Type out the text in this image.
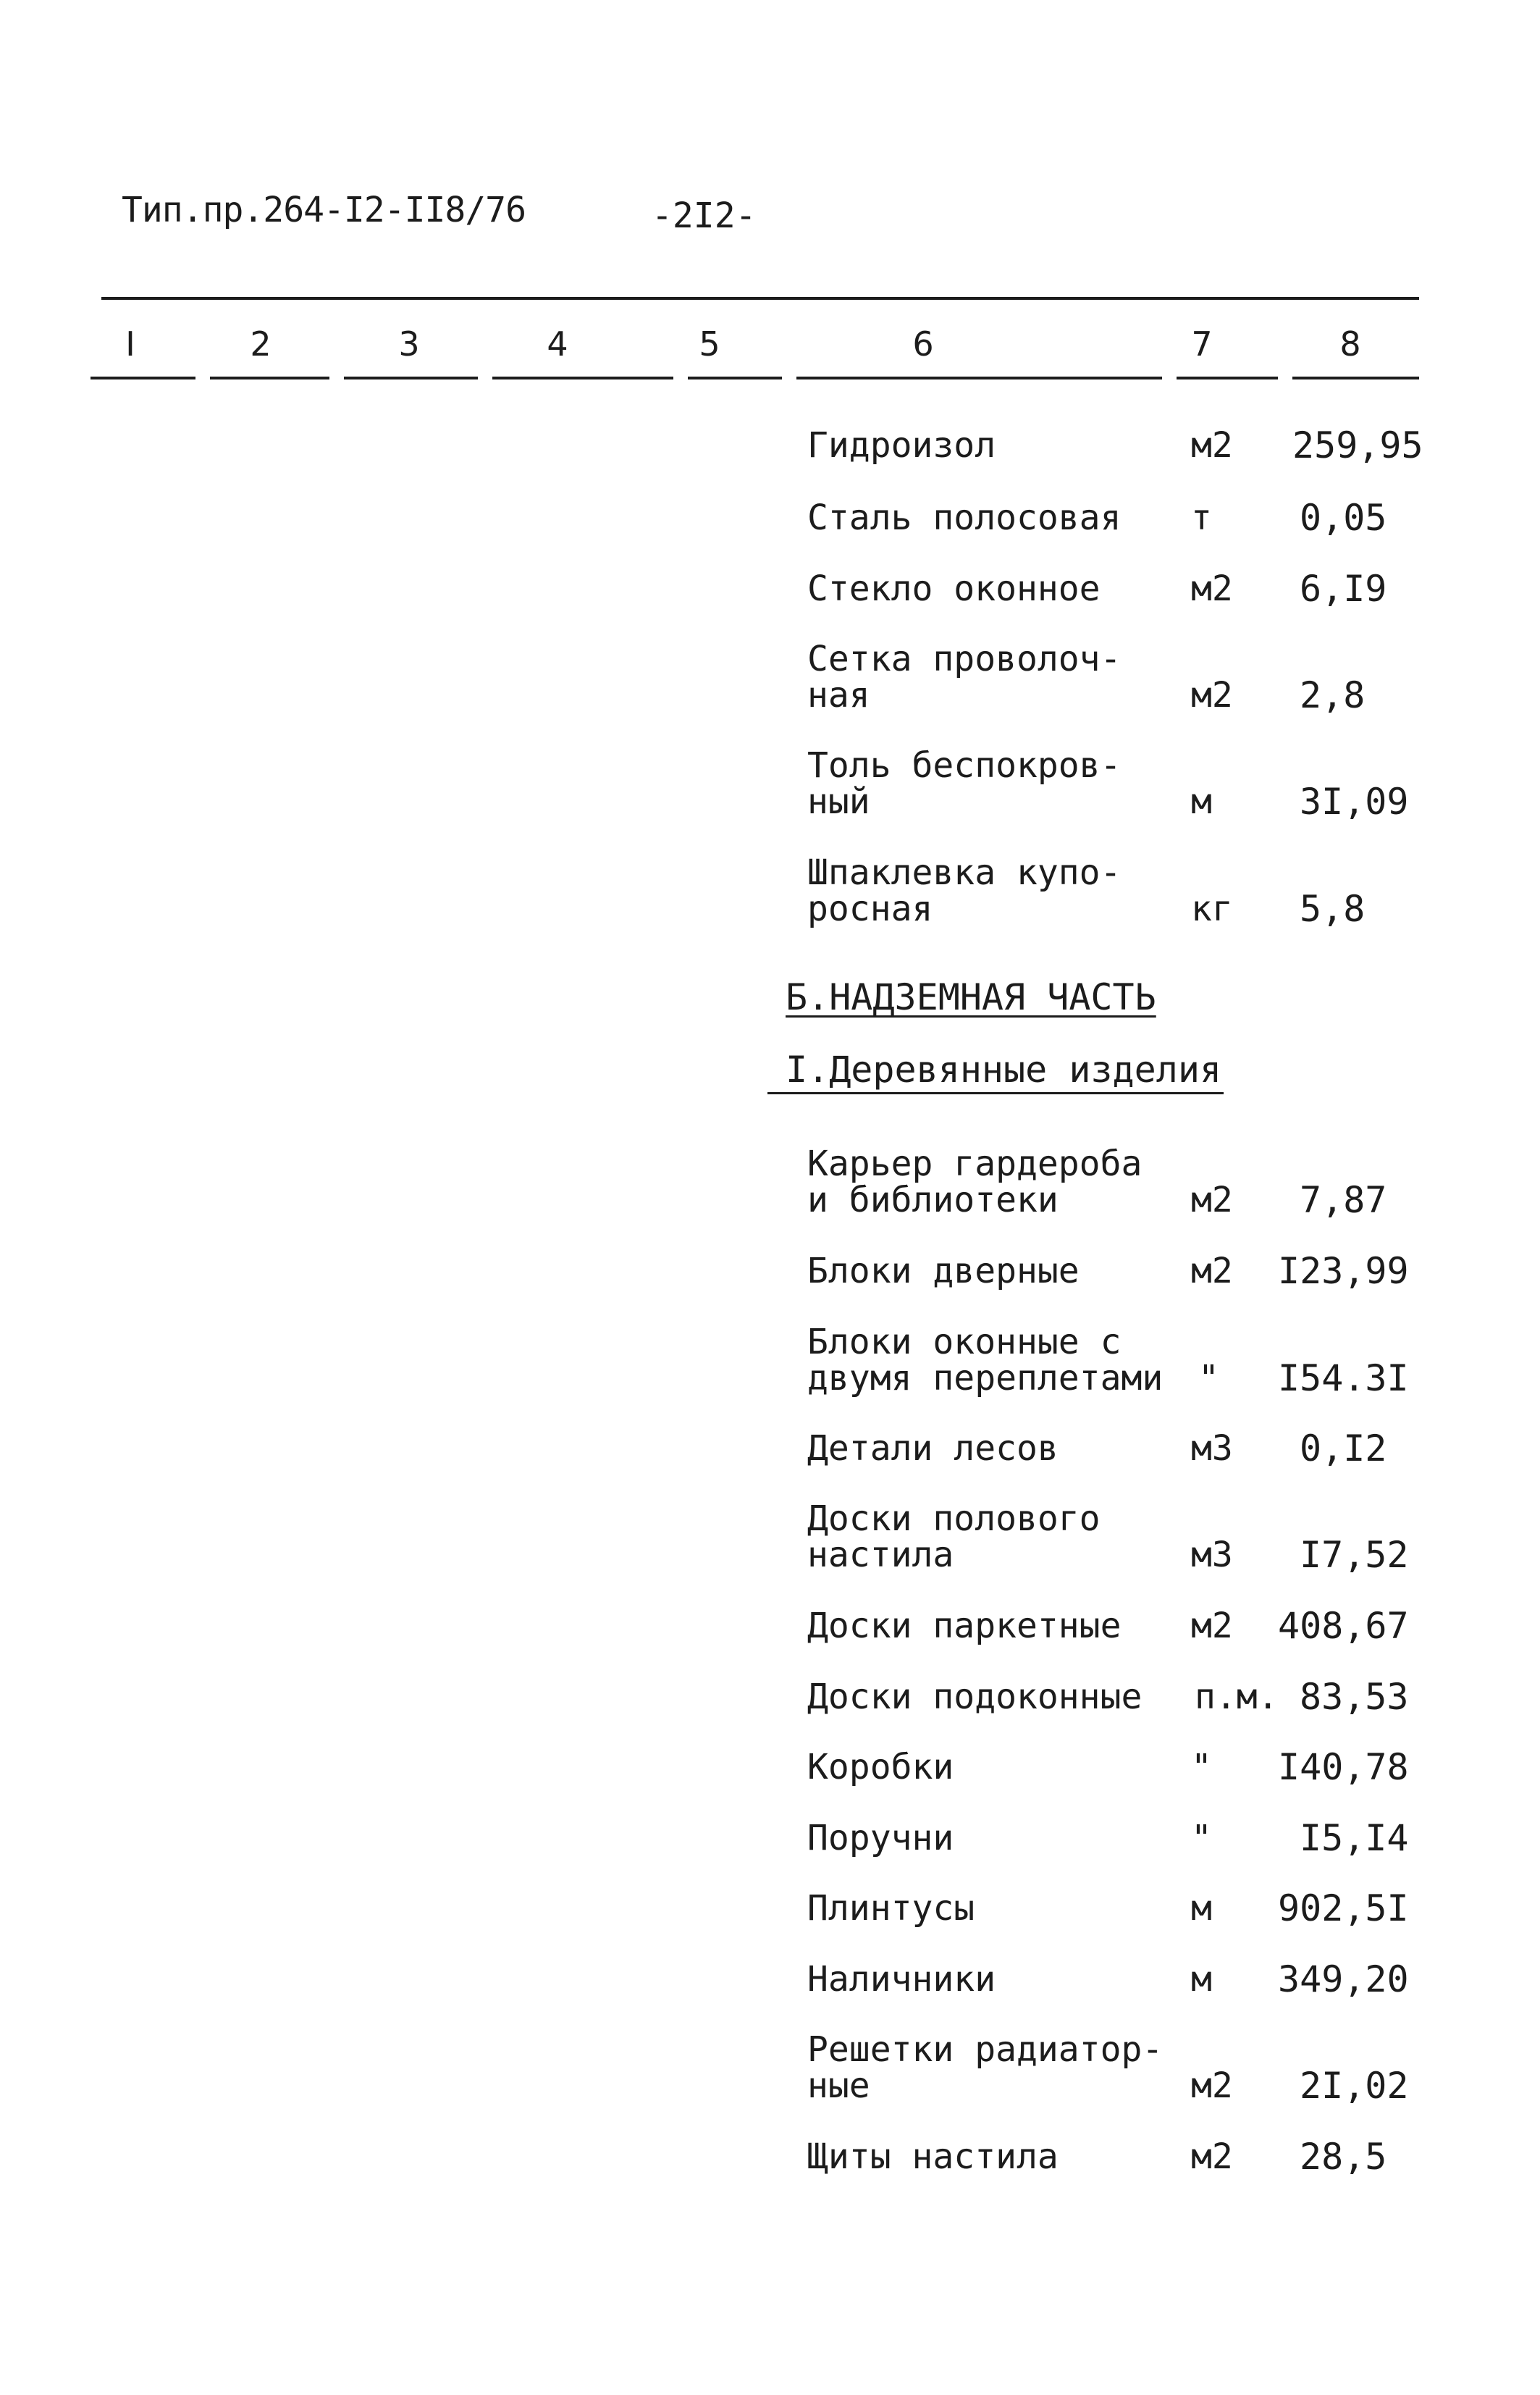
Тип.пр.264-I2-II8/76	-2I2-
I	2	3	4	5	6	7	8
Гидроизол	м2	259,95
Сталь полосовая	т	0,05
Стекло оконное	м2	6,I9
Сетка проволоч-
ная	м2	2,8
Толь беспокров-
ный	м	3I,09
Шпаклевка купо-
росная	кг	5,8
Б.НАДЗЕМНАЯ ЧАСТЬ
I.Деревянные изделия
Карьер гардероба
и библиотеки	м2	7,87
Блоки дверные	м2	I23,99
Блоки оконные с
двумя переплетами	"	I54.3I
Детали лесов	м3	0,I2
Доски полового
настила	м3	I7,52
Доски паркетные	м2	408,67
Доски подоконные	п.м. 83,53
Коробки	"	I40,78
Поручни	"	I5,I4
Плинтусы	м	902,5I
Наличники	м	349,20
Решетки радиатор-
ные	м2	2I,02
Щиты настила	м2	28,5
